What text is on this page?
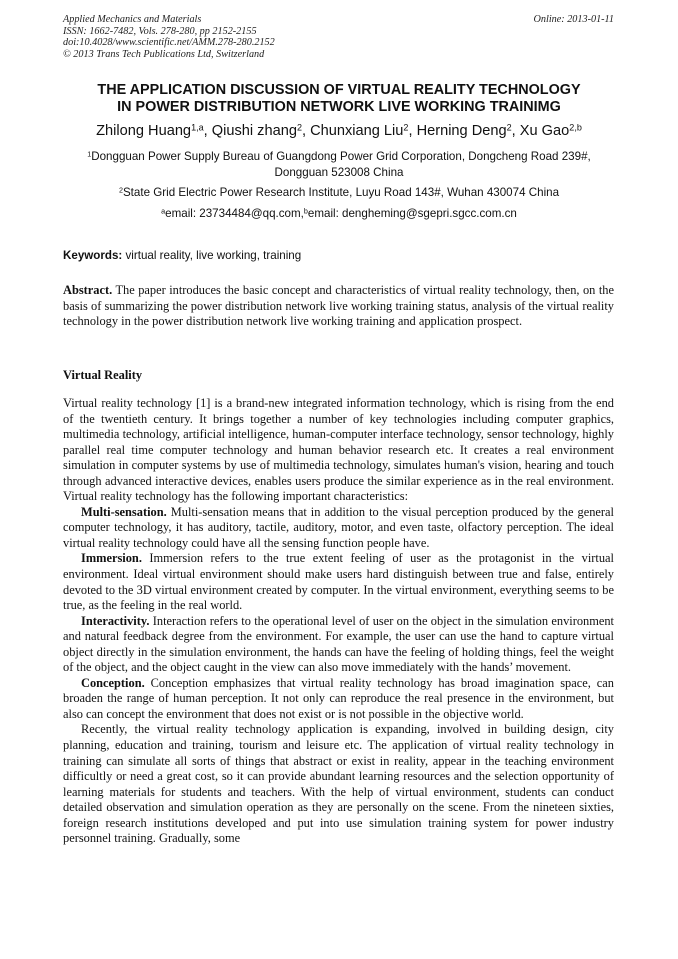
Applied Mechanics and Materials
ISSN: 1662-7482, Vols. 278-280, pp 2152-2155
doi:10.4028/www.scientific.net/AMM.278-280.2152
© 2013 Trans Tech Publications Ltd, Switzerland
Online: 2013-01-11
THE APPLICATION DISCUSSION OF VIRTUAL REALITY TECHNOLOGY
IN POWER DISTRIBUTION NETWORK LIVE WORKING TRAINIMG
Zhilong Huang$^{1,a}$, Qiushi zhang$^2$, Chunxiang Liu$^2$, Herning Deng$^2$, Xu Gao$^{2,b}$
$^1$Dongguan Power Supply Bureau of Guangdong Power Grid Corporation, Dongcheng Road 239#,
Dongguan 523008 China
$^2$State Grid Electric Power Research Institute, Luyu Road 143#, Wuhan 430074 China
$^a$email: 23734484@qq.com,$^b$email: dengheming@sgepri.sgcc.com.cn
Keywords: virtual reality, live working, training
Abstract. The paper introduces the basic concept and characteristics of virtual reality technology, then, on the basis of summarizing the power distribution network live working training status, analysis of the virtual reality technology in the power distribution network live working training and application prospect.
Virtual Reality

Virtual reality technology [1] is a brand-new integrated information technology, which is rising from the end of the twentieth century. It brings together a number of key technologies including computer graphics, multimedia technology, artificial intelligence, human-computer interface technology, sensor technology, highly parallel real time computer technology and human behavior research etc. It creates a real environment simulation in computer systems by use of multimedia technology, simulates human's vision, hearing and touch through advanced interactive devices, enables users produce the similar experience as in the real environment. Virtual reality technology has the following important characteristics:

Multi-sensation. Multi-sensation means that in addition to the visual perception produced by the general computer technology, it has auditory, tactile, auditory, motor, and even taste, olfactory perception. The ideal virtual reality technology could have all the sensing function people have.

Immersion. Immersion refers to the true extent feeling of user as the protagonist in the virtual environment. Ideal virtual environment should make users hard distinguish between true and false, entirely devoted to the 3D virtual environment created by computer. In the virtual environment, everything seems to be true, as the feeling in the real world.

Interactivity. Interaction refers to the operational level of user on the object in the simulation environment and natural feedback degree from the environment. For example, the user can use the hand to capture virtual object directly in the simulation environment, the hands can have the feeling of holding things, feel the weight of the object, and the object caught in the view can also move immediately with the hands’ movement.

Conception. Conception emphasizes that virtual reality technology has broad imagination space, can broaden the range of human perception. It not only can reproduce the real presence in the environment, but also can concept the environment that does not exist or is not possible in the objective world.

Recently, the virtual reality technology application is expanding, involved in building design, city planning, education and training, tourism and leisure etc. The application of virtual reality technology in training can simulate all sorts of things that abstract or exist in reality, appear in the teaching environment difficultly or need a great cost, so it can provide abundant learning resources and the selection opportunity of learning materials for students and teachers. With the help of virtual environment, students can conduct detailed observation and simulation operation as they are personally on the scene. From the nineteen sixties, foreign research institutions developed and put into use simulation training system for power industry personnel training. Gradually, some
